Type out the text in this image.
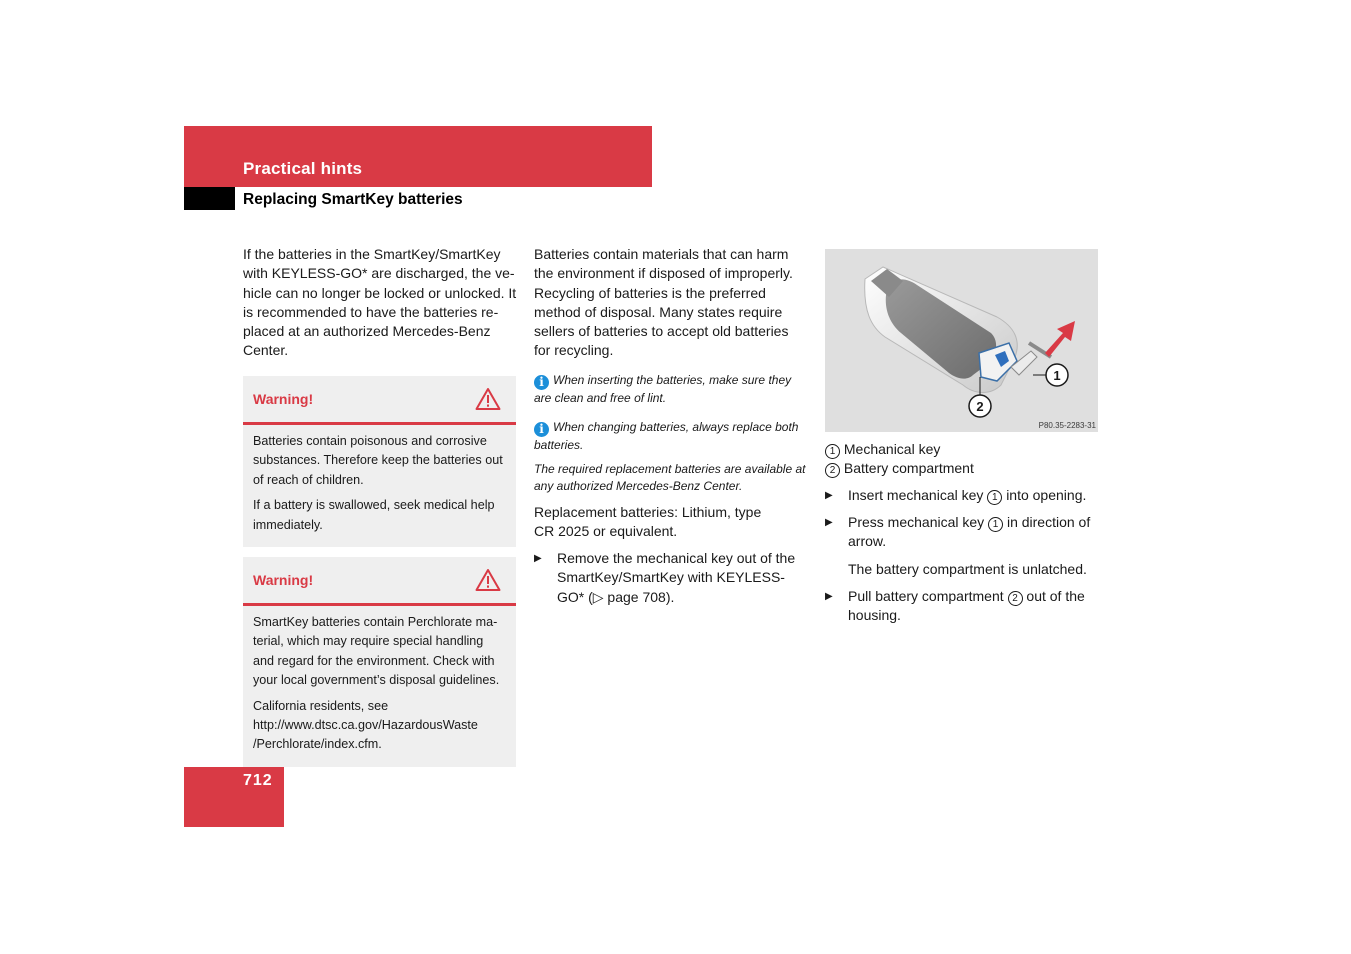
Practical hints
Replacing SmartKey batteries
If the batteries in the SmartKey/SmartKey with KEYLESS-GO* are discharged, the ve-hicle can no longer be locked or unlocked. It is recommended to have the batteries re-placed at an authorized Mercedes-Benz Center.
Warning!

Batteries contain poisonous and corrosive substances. Therefore keep the batteries out of reach of children.

If a battery is swallowed, seek medical help immediately.

Warning!

SmartKey batteries contain Perchlorate ma-terial, which may require special handling and regard for the environment. Check with your local government’s disposal guidelines.

California residents, see http://www.dtsc.ca.gov/HazardousWaste /Perchlorate/index.cfm.

Batteries contain materials that can harm the environment if disposed of improperly. Recycling of batteries is the preferred method of disposal. Many states require sellers of batteries to accept old batteries for recycling.
i When inserting the batteries, make sure they are clean and free of lint.
i When changing batteries, always replace both batteries.
The required replacement batteries are available at any authorized Mercedes-Benz Center.
Replacement batteries: Lithium, type CR 2025 or equivalent.
▶	Remove the mechanical key out of the SmartKey/SmartKey with KEYLESS-GO* (▷ page 708).
1
2
P80.35-2283-31
1 Mechanical key
2 Battery compartment
▶	Insert mechanical key 1 into opening.
▶	Press mechanical key 1 in direction of arrow.
The battery compartment is unlatched.
▶	Pull battery compartment 2 out of the housing.
712
